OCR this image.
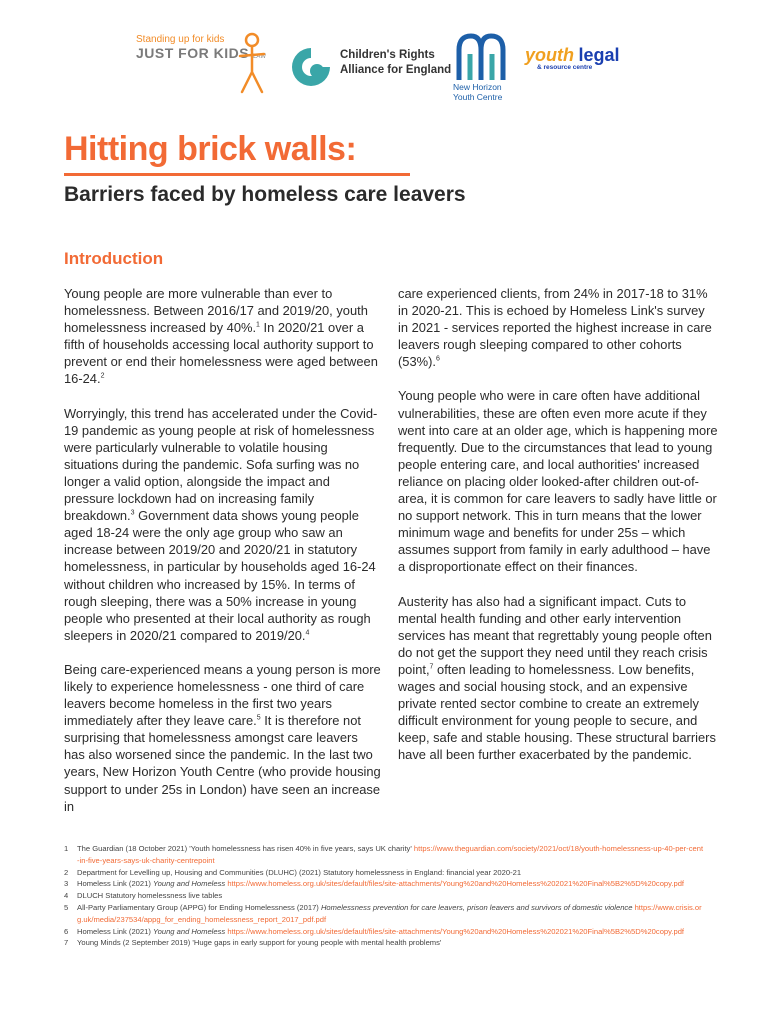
Standing up for kids
JUST FOR KIDS LAW	Children's Rights
Alliance for England
New Horizon
Youth Centre
youth legal
& resource centre
Hitting brick walls:
Barriers faced by homeless care leavers
Introduction

Young people are more vulnerable than ever to homelessness. Between 2016/17 and 2019/20, youth homelessness increased by 40%.$^1$ In 2020/21 over a fifth of households accessing local authority support to prevent or end their homelessness were aged between 16-24.$^2$

Worryingly, this trend has accelerated under the Covid-19 pandemic as young people at risk of homelessness were particularly vulnerable to volatile housing situations during the pandemic. Sofa surfing was no longer a valid option, alongside the impact and pressure lockdown had on increasing family breakdown.$^3$ Government data shows young people aged 18-24 were the only age group who saw an increase between 2019/20 and 2020/21 in statutory homelessness, in particular by households aged 16-24 without children who increased by 15%. In terms of rough sleeping, there was a 50% increase in young people who presented at their local authority as rough sleepers in 2020/21 compared to 2019/20.$^4$

Being care-experienced means a young person is more likely to experience homelessness - one third of care leavers become homeless in the first two years immediately after they leave care.$^5$ It is therefore not surprising that homelessness amongst care leavers has also worsened since the pandemic. In the last two years, New Horizon Youth Centre (who provide housing support to under 25s in London) have seen an increase in

care experienced clients, from 24% in 2017-18 to 31% in 2020-21. This is echoed by Homeless Link's survey in 2021 - services reported the highest increase in care leavers rough sleeping compared to other cohorts (53%).$^6$

Young people who were in care often have additional vulnerabilities, these are often even more acute if they went into care at an older age, which is happening more frequently. Due to the circumstances that lead to young people entering care, and local authorities' increased reliance on placing older looked-after children out-of-area, it is common for care leavers to sadly have little or no support network. This in turn means that the lower minimum wage and benefits for under 25s – which assumes support from family in early adulthood – have a disproportionate effect on their finances.

Austerity has also had a significant impact. Cuts to mental health funding and other early intervention services has meant that regrettably young people often do not get the support they need until they reach crisis point,$^7$ often leading to homelessness. Low benefits, wages and social housing stock, and an expensive private rented sector combine to create an extremely difficult environment for young people to secure, and keep, safe and stable housing. These structural barriers have all been further exacerbated by the pandemic.

1	The Guardian (18 October 2021) 'Youth homelessness has risen 40% in five years, says UK charity' https://www.theguardian.com/society/2021/oct/18/youth-homelessness-up-40-per-cent-in-five-years-says-uk-charity-centrepoint
2	Department for Levelling up, Housing and Communities (DLUHC) (2021) Statutory homelessness in England: financial year 2020-21
3	Homeless Link (2021) Young and Homeless https://www.homeless.org.uk/sites/default/files/site-attachments/Young%20and%20Homeless%202021%20Final%5B2%5D%20copy.pdf
4	DLUCH Statutory homelessness live tables
5	All-Party Parliamentary Group (APPG) for Ending Homelessness (2017) Homelessness prevention for care leavers, prison leavers and survivors of domestic violence https://www.crisis.org.uk/media/237534/appg_for_ending_homelessness_report_2017_pdf.pdf
6	Homeless Link (2021) Young and Homeless https://www.homeless.org.uk/sites/default/files/site-attachments/Young%20and%20Homeless%202021%20Final%5B2%5D%20copy.pdf
7	Young Minds (2 September 2019) 'Huge gaps in early support for young people with mental health problems'
